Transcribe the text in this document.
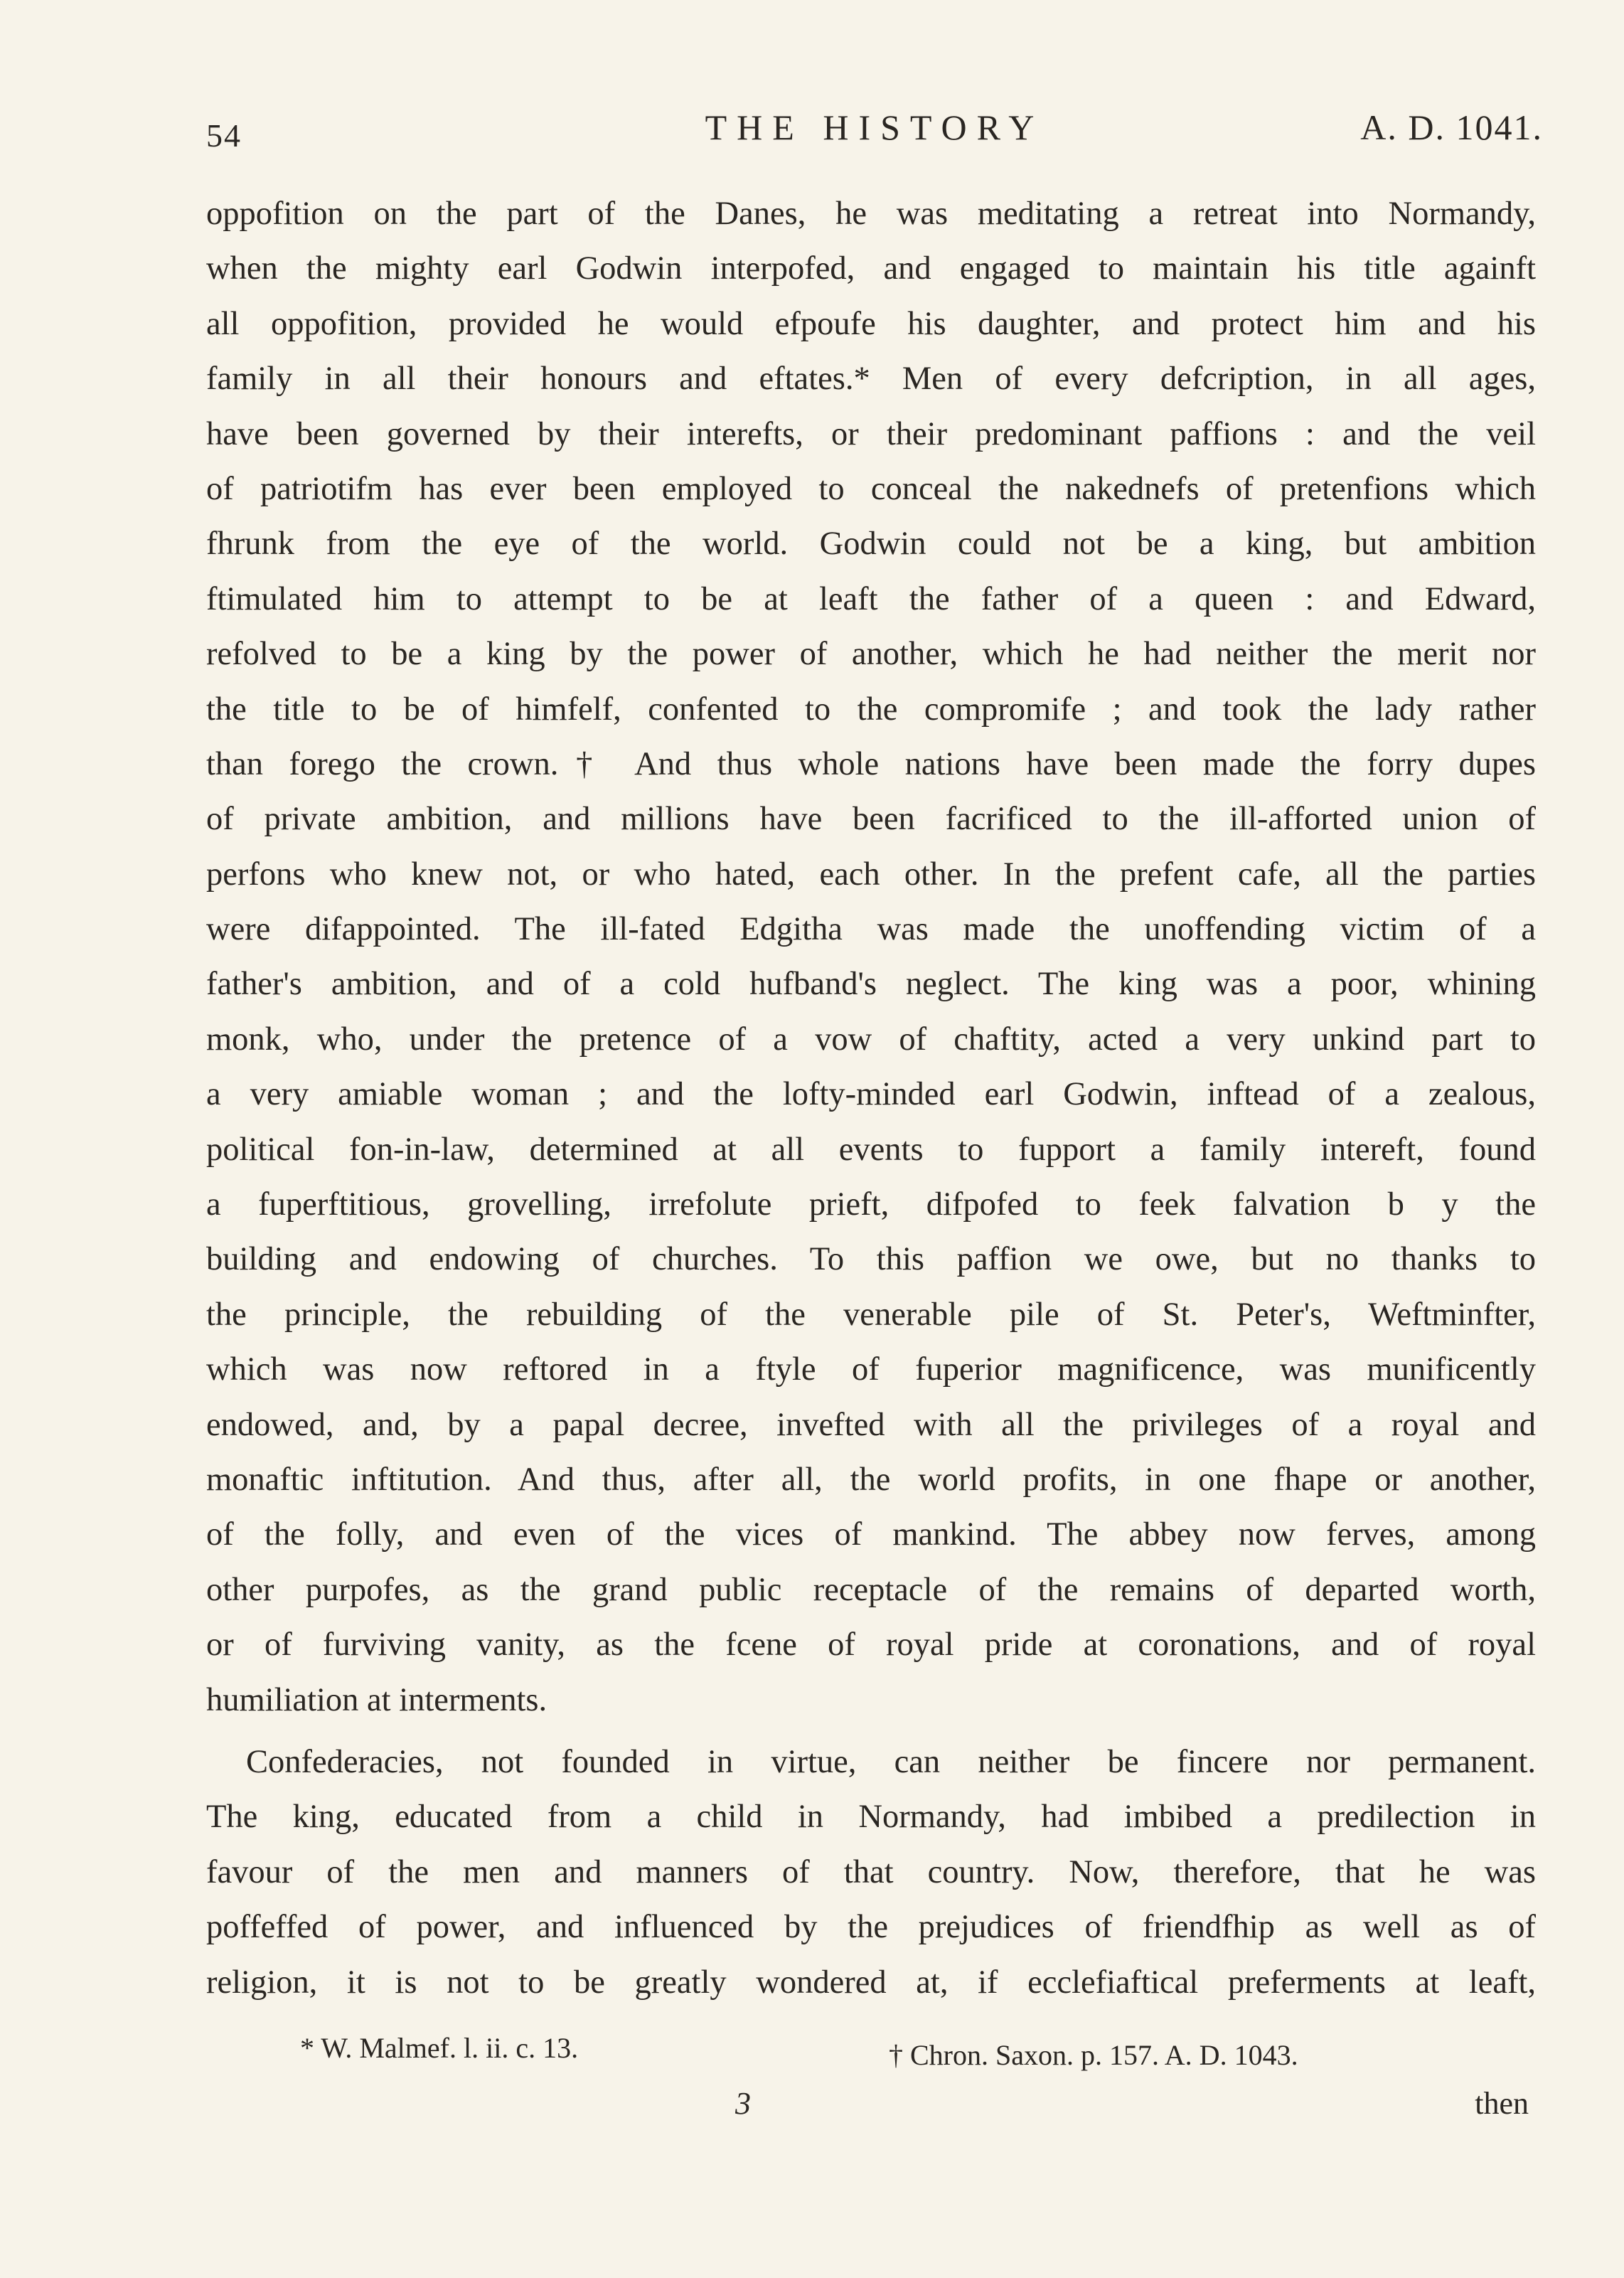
54	THE HISTORY	A. D. 1041.

oppofition on the part of the Danes, he was meditating a retreat into Normandy,
when the mighty earl Godwin interpofed, and engaged to maintain his title againft
all oppofition, provided he would efpoufe his daughter, and protect him and his
family in all their honours and eftates.* Men of every defcription, in all ages,
have been governed by their interefts, or their predominant paffions : and the veil
of patriotifm has ever been employed to conceal the nakednefs of pretenfions which
fhrunk from the eye of the world. Godwin could not be a king, but ambition
ftimulated him to attempt to be at leaft the father of a queen : and Edward,
refolved to be a king by the power of another, which he had neither the merit nor
the title to be of himfelf, confented to the compromife ; and took the lady rather
than forego the crown.† And thus whole nations have been made the forry dupes
of private ambition, and millions have been facrificed to the ill-afforted union of
perfons who knew not, or who hated, each other. In the prefent cafe, all the parties
were difappointed. The ill-fated Edgitha was made the unoffending victim of a
father's ambition, and of a cold hufband's neglect. The king was a poor, whining
monk, who, under the pretence of a vow of chaftity, acted a very unkind part to
a very amiable woman ; and the lofty-minded earl Godwin, inftead of a zealous,
political fon-in-law, determined at all events to fupport a family intereft, found
a fuperftitious, grovelling, irrefolute prieft, difpofed to feek falvation b y the
building and endowing of churches. To this paffion we owe, but no thanks to
the principle, the rebuilding of the venerable pile of St. Peter's, Weftminfter,
which was now reftored in a ftyle of fuperior magnificence, was munificently
endowed, and, by a papal decree, invefted with all the privileges of a royal and
monaftic inftitution. And thus, after all, the world profits, in one fhape or another,
of the folly, and even of the vices of mankind. The abbey now ferves, among
other purpofes, as the grand public receptacle of the remains of departed worth,
or of furviving vanity, as the fcene of royal pride at coronations, and of royal
humiliation at interments.

Confederacies, not founded in virtue, can neither be fincere nor permanent.
The king, educated from a child in Normandy, had imbibed a predilection in
favour of the men and manners of that country. Now, therefore, that he was
poffeffed of power, and influenced by the prejudices of friendfhip as well as of
religion, it is not to be greatly wondered at, if ecclefiaftical preferments at leaft,

* W. Malmef. l. ii. c. 13.	† Chron. Saxon. p. 157. A. D. 1043.
3	then
